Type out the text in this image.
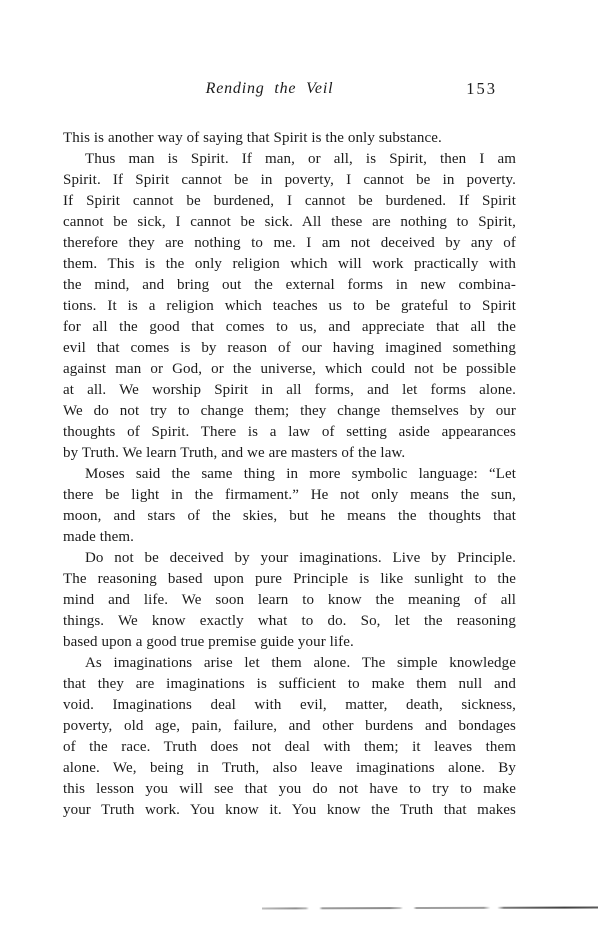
Rending the Veil	153
This is another way of saying that Spirit is the only substance.
Thus man is Spirit. If man, or all, is Spirit, then I am
Spirit. If Spirit cannot be in poverty, I cannot be in poverty.
If Spirit cannot be burdened, I cannot be burdened. If Spirit
cannot be sick, I cannot be sick. All these are nothing to Spirit,
therefore they are nothing to me. I am not deceived by any of
them. This is the only religion which will work practically with
the mind, and bring out the external forms in new combina-
tions. It is a religion which teaches us to be grateful to Spirit
for all the good that comes to us, and appreciate that all the
evil that comes is by reason of our having imagined something
against man or God, or the universe, which could not be possible
at all. We worship Spirit in all forms, and let forms alone.
We do not try to change them; they change themselves by our
thoughts of Spirit. There is a law of setting aside appearances
by Truth. We learn Truth, and we are masters of the law.
Moses said the same thing in more symbolic language: “Let
there be light in the firmament.” He not only means the sun,
moon, and stars of the skies, but he means the thoughts that
made them.
Do not be deceived by your imaginations. Live by Principle.
The reasoning based upon pure Principle is like sunlight to the
mind and life. We soon learn to know the meaning of all
things. We know exactly what to do. So, let the reasoning
based upon a good true premise guide your life.
As imaginations arise let them alone. The simple knowledge
that they are imaginations is sufficient to make them null and
void. Imaginations deal with evil, matter, death, sickness,
poverty, old age, pain, failure, and other burdens and bondages
of the race. Truth does not deal with them; it leaves them
alone. We, being in Truth, also leave imaginations alone. By
this lesson you will see that you do not have to try to make
your Truth work. You know it. You know the Truth that makes
